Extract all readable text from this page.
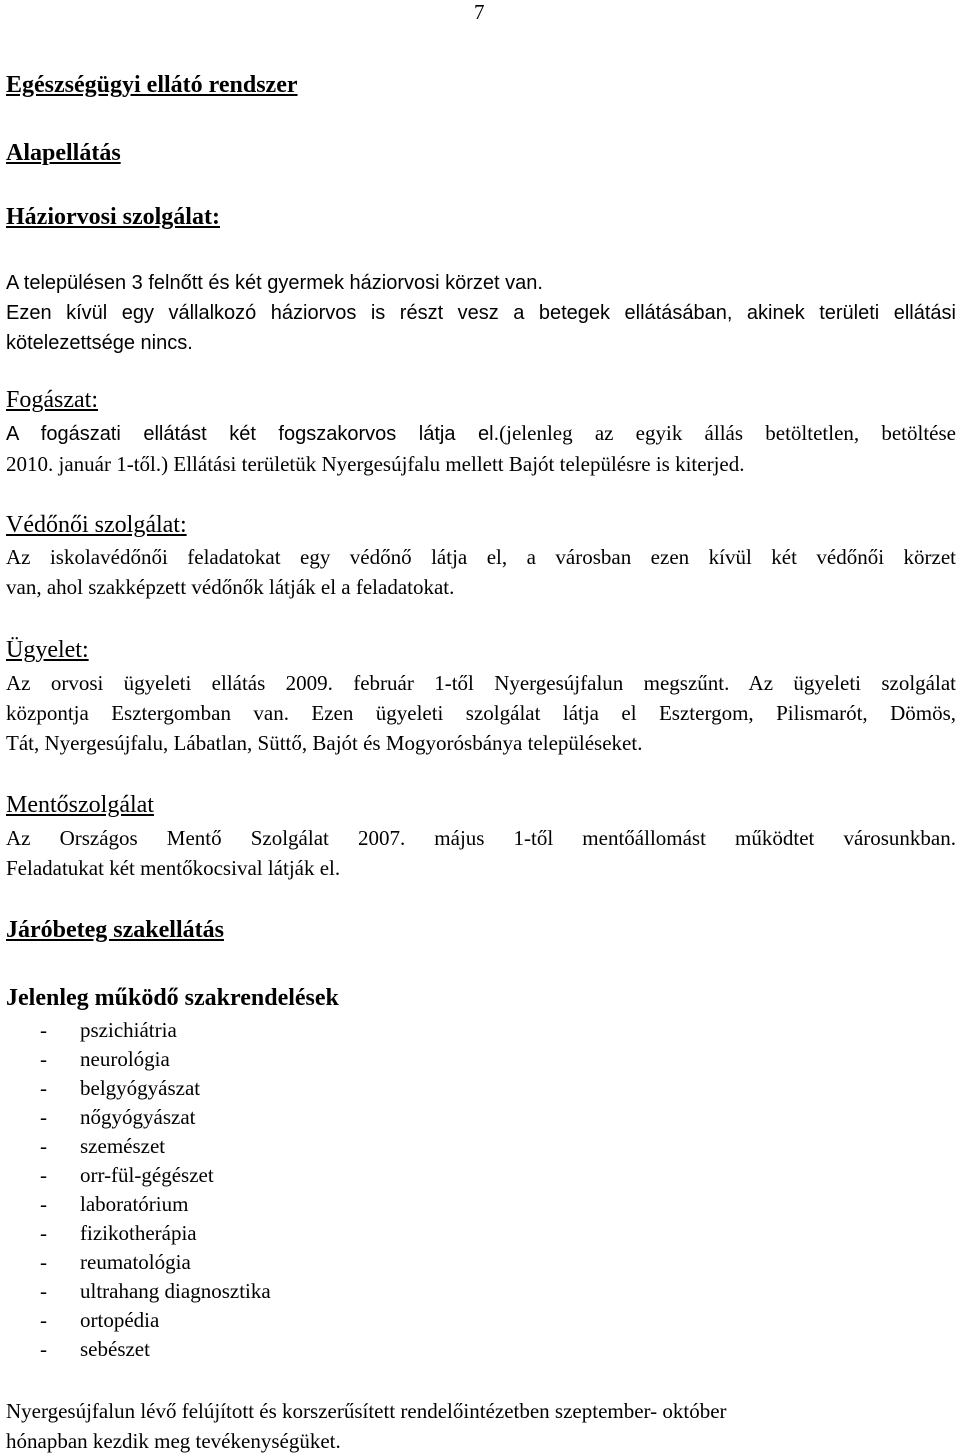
7
Egészségügyi ellátó rendszer
Alapellátás
Háziorvosi szolgálat:
A településen 3 felnőtt és két gyermek háziorvosi körzet van.
Ezen kívül egy vállalkozó háziorvos is részt vesz a betegek ellátásában, akinek területi ellátási
kötelezettsége nincs.
Fogászat:
A fogászati ellátást két fogszakorvos látja el.(jelenleg az egyik állás betöltetlen, betöltése
2010. január 1-től.) Ellátási területük Nyergesújfalu mellett Bajót településre is kiterjed.
Védőnői szolgálat:
Az iskolavédőnői feladatokat egy védőnő látja el, a városban ezen kívül két védőnői körzet
van, ahol szakképzett védőnők látják el a feladatokat.
Ügyelet:
Az orvosi ügyeleti ellátás 2009. február 1-től Nyergesújfalun megszűnt. Az ügyeleti szolgálat
központja Esztergomban van. Ezen ügyeleti szolgálat látja el Esztergom, Pilismarót, Dömös,
Tát, Nyergesújfalu, Lábatlan, Süttő, Bajót és Mogyorósbánya településeket.
Mentőszolgálat
Az Országos Mentő Szolgálat 2007. május 1-től mentőállomást működtet városunkban.
Feladatukat két mentőkocsival látják el.
Járóbeteg szakellátás
Jelenleg működő szakrendelések
-	pszichiátria
-	neurológia
-	belgyógyászat
-	nőgyógyászat
-	szemészet
-	orr-fül-gégészet
-	laboratórium
-	fizikotherápia
-	reumatológia
-	ultrahang diagnosztika
-	ortopédia
-	sebészet
Nyergesújfalun lévő felújított és korszerűsített rendelőintézetben szeptember- október
hónapban kezdik meg tevékenységüket.
